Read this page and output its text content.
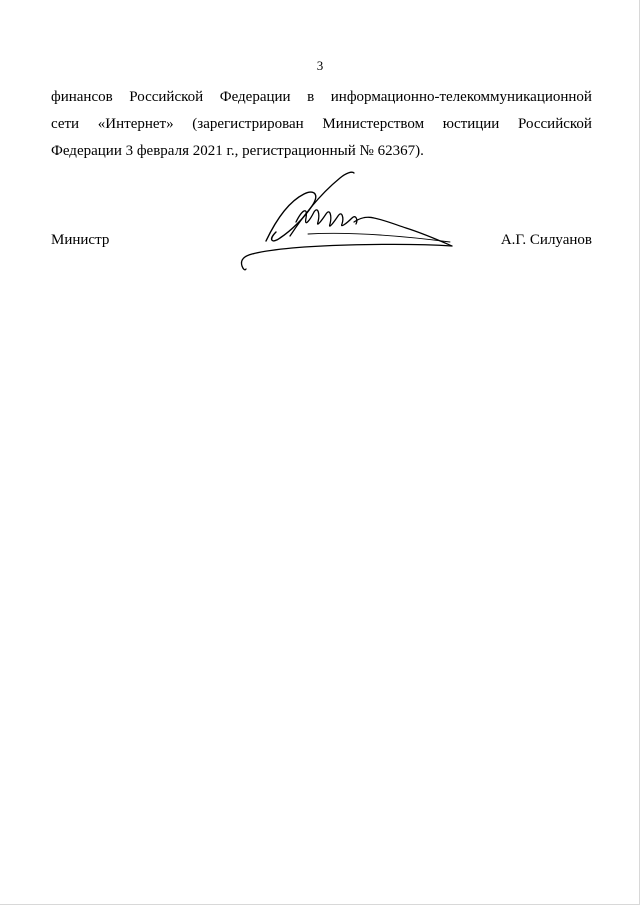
3
финансов Российской Федерации в информационно-телекоммуникационной
сети «Интернет» (зарегистрирован Министерством юстиции Российской
Федерации 3 февраля 2021 г., регистрационный № 62367).
Министр	А.Г. Силуанов
